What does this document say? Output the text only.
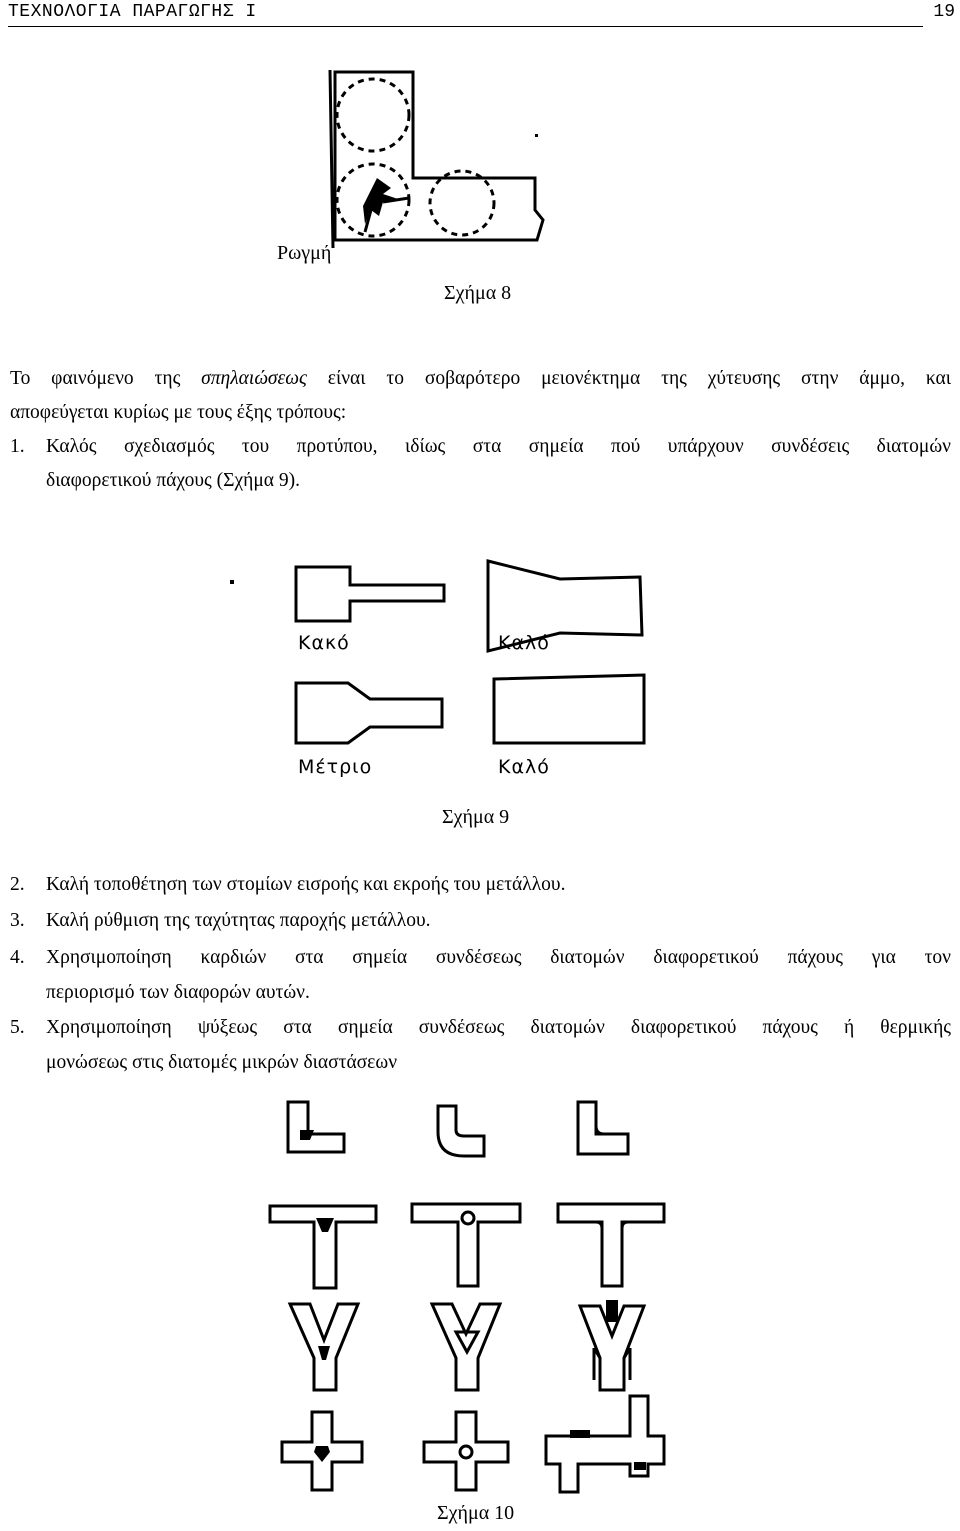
ΤΕΧΝΟΛΟΓΙΑ ΠΑΡΑΓΩΓΗΣ Ι	19
Ρωγμή
Σχήμα 8
Το φαινόμενο της σπηλαιώσεως είναι το σοβαρότερο μειονέκτημα της χύτευσης στην άμμο, και
αποφεύγεται κυρίως με τους έξης τρόπους:
1. Καλός σχεδιασμός του προτύπου, ιδίως στα σημεία πού υπάρχουν συνδέσεις διατομών
διαφορετικού πάχους (Σχήμα 9).
Κακό	Καλό
Μέτριο	Καλό
Σχήμα 9
2. Καλή τοποθέτηση των στομίων εισροής και εκροής του μετάλλου.
3. Καλή ρύθμιση της ταχύτητας παροχής μετάλλου.
4. Χρησιμοποίηση καρδιών στα σημεία συνδέσεως διατομών διαφορετικού πάχους για τον
περιορισμό των διαφορών αυτών.
5. Χρησιμοποίηση ψύξεως στα σημεία συνδέσεως διατομών διαφορετικού πάχους ή θερμικής
μονώσεως στις διατομές μικρών διαστάσεων
Σχήμα 10
